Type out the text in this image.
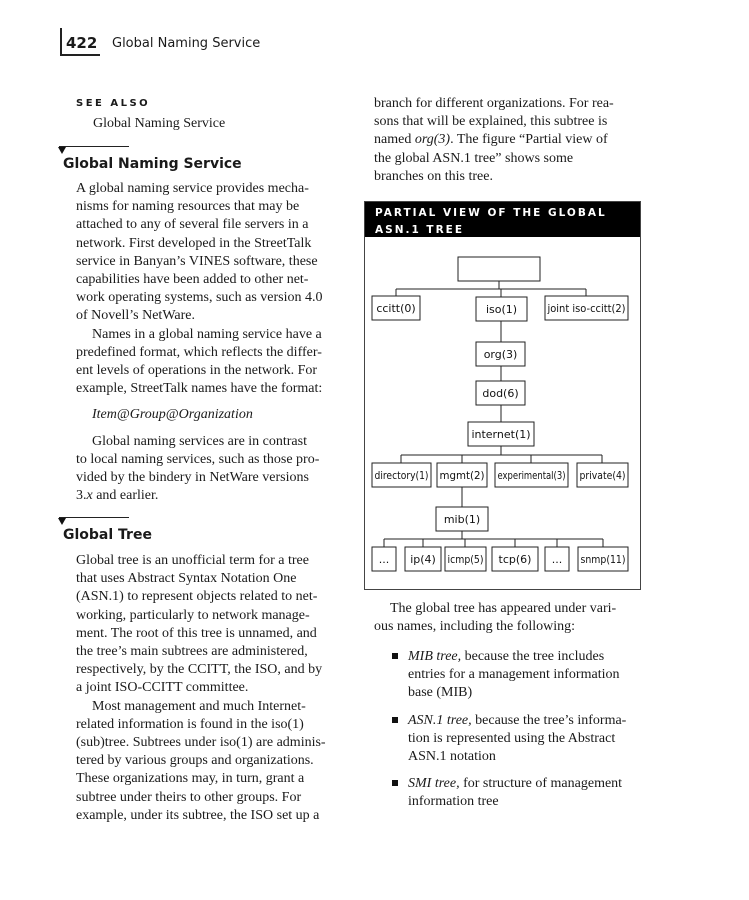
422 Global Naming Service
SEE ALSO
Global Naming Service
Global Naming Service

A global naming service provides mecha-
nisms for naming resources that may be
attached to any of several file servers in a
network. First developed in the StreetTalk
service in Banyan’s VINES software, these
capabilities have been added to other net-
work operating systems, such as version 4.0
of Novell’s NetWare.

Names in a global naming service have a
predefined format, which reflects the differ-
ent levels of operations in the network. For
example, StreetTalk names have the format:

Item@Group@Organization

Global naming services are in contrast
to local naming services, such as those pro-
vided by the bindery in NetWare versions
3.x and earlier.

Global Tree

Global tree is an unofficial term for a tree
that uses Abstract Syntax Notation One
(ASN.1) to represent objects related to net-
working, particularly to network manage-
ment. The root of this tree is unnamed, and
the tree’s main subtrees are administered,
respectively, by the CCITT, the ISO, and by
a joint ISO-CCITT committee.

Most management and much Internet-
related information is found in the iso(1)
(sub)tree. Subtrees under iso(1) are adminis-
tered by various groups and organizations.
These organizations may, in turn, grant a
subtree under theirs to other groups. For
example, under its subtree, the ISO set up a

branch for different organizations. For rea-
sons that will be explained, this subtree is
named org(3). The figure “Partial view of
the global ASN.1 tree” shows some
branches on this tree.

PARTIAL VIEW OF THE GLOBAL
ASN.1 TREE
ccitt(0)	iso(1)	joint iso-ccitt(2)
org(3)
dod(6)
internet(1)
directory(1) mgmt(2) experimental(3) private(4)
mib(1)
... ip(4) icmp(5) tcp(6) ... snmp(11)

The global tree has appeared under vari-
ous names, including the following:

MIB tree, because the tree includes
entries for a management information
base (MIB)
ASN.1 tree, because the tree’s informa-
tion is represented using the Abstract
ASN.1 notation
SMI tree, for structure of management
information tree
